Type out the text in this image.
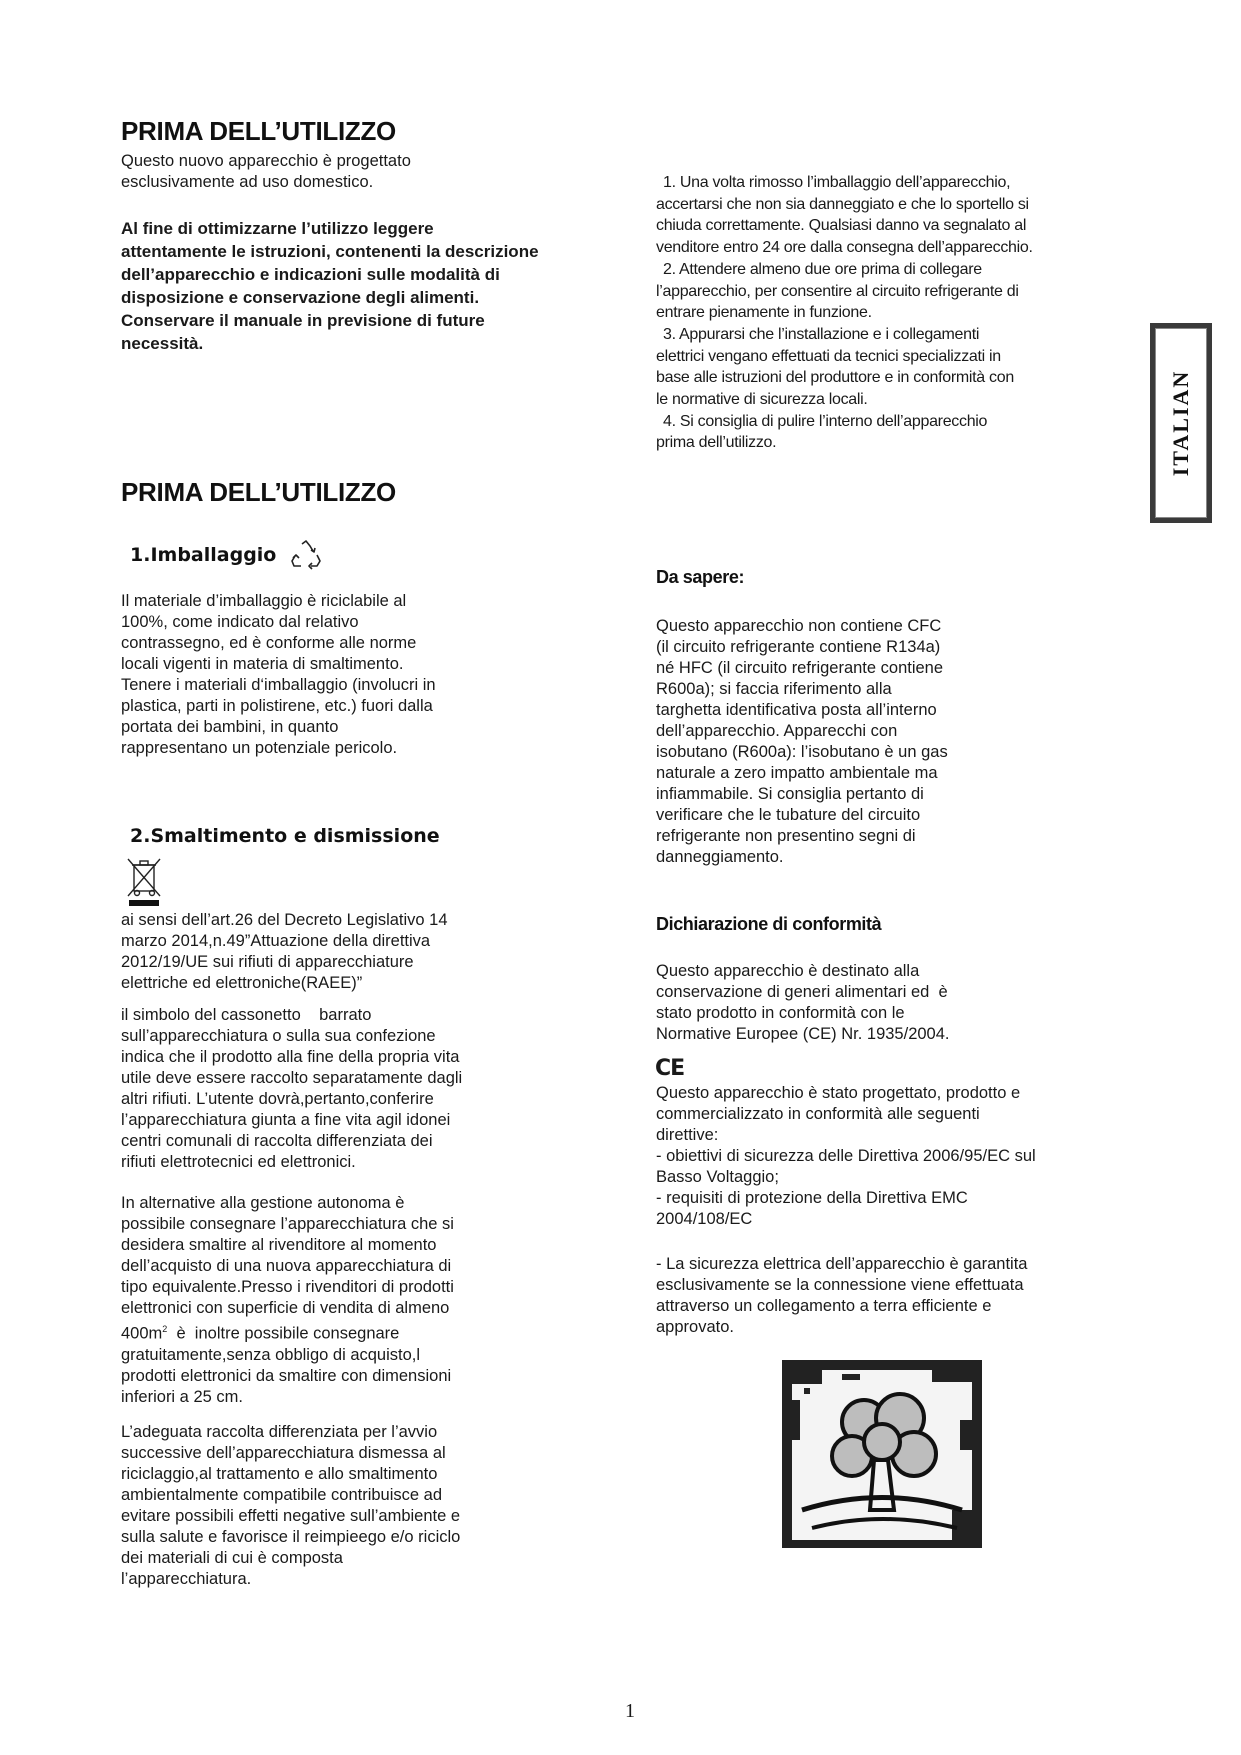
PRIMA DELL’UTILIZZO

Questo nuovo apparecchio è progettato

esclusivamente ad uso domestico.

Al fine di ottimizzarne l’utilizzo leggere

attentamente le istruzioni, contenenti la descrizione

dell’apparecchio e indicazioni sulle modalità di

disposizione e conservazione degli alimenti.

Conservare il manuale in previsione di future

necessità.

1. Una volta rimosso l’imballaggio dell’apparecchio,

accertarsi che non sia danneggiato e che lo sportello si

chiuda correttamente. Qualsiasi danno va segnalato al

venditore entro 24 ore dalla consegna dell’apparecchio.

2. Attendere almeno due ore prima di collegare

l’apparecchio, per consentire al circuito refrigerante di

entrare pienamente in funzione.

3. Appurarsi che l’installazione e i collegamenti

elettrici vengano effettuati da tecnici specializzati in

base alle istruzioni del produttore e in conformità con

le normative di sicurezza locali.

4. Si consiglia di pulire l’interno dell’apparecchio

prima dell’utilizzo.	ITALIAN
PRIMA DELL’UTILIZZO
1.Imballaggio

Il materiale d’imballaggio è riciclabile al

100%, come indicato dal relativo

contrassegno, ed è conforme alle norme

locali vigenti in materia di smaltimento.

Tenere i materiali d‘imballaggio (involucri in

plastica, parti in polistirene, etc.) fuori dalla

portata dei bambini, in quanto

rappresentano un potenziale pericolo.

2.Smaltimento e dismissione

ai sensi dell’art.26 del Decreto Legislativo 14

marzo 2014,n.49”Attuazione della direttiva

2012/19/UE sui rifiuti di apparecchiature

elettriche ed elettroniche(RAEE)”

il simbolo del cassonetto    barrato

sull’apparecchiatura o sulla sua confezione

indica che il prodotto alla fine della propria vita

utile deve essere raccolto separatamente dagli

altri rifiuti. L’utente dovrà,pertanto,conferire

l’apparecchiatura giunta a fine vita agil idonei

centri comunali di raccolta differenziata dei

rifiuti elettrotecnici ed elettronici.

In alternative alla gestione autonoma è

possibile consegnare l’apparecchiatura che si

desidera smaltire al rivenditore al momento

dell’acquisto di una nuova apparecchiatura di

tipo equivalente.Presso i rivenditori di prodotti

elettronici con superficie di vendita di almeno

$400m^2$  è  inoltre possibile consegnare

gratuitamente,senza obbligo di acquisto,l

prodotti elettronici da smaltire con dimensioni

inferiori a 25 cm.

L’adeguata raccolta differenziata per l’avvio

successive dell’apparecchiatura dismessa al

riciclaggio,al trattamento e allo smaltimento

ambientalmente compatibile contribuisce ad

evitare possibili effetti negative sull’ambiente e

sulla salute e favorisce il reimpieego e/o riciclo

dei materiali di cui è composta

l’apparecchiatura.

Da sapere:

Questo apparecchio non contiene CFC

(il circuito refrigerante contiene R134a)

né HFC (il circuito refrigerante contiene

R600a); si faccia riferimento alla

targhetta identificativa posta all’interno

dell’apparecchio. Apparecchi con

isobutano (R600a): l’isobutano è un gas

naturale a zero impatto ambientale ma

infiammabile. Si consiglia pertanto di

verificare che le tubature del circuito

refrigerante non presentino segni di

danneggiamento.

Dichiarazione di conformità

Questo apparecchio è destinato alla

conservazione di generi alimentari ed  è

stato prodotto in conformità con le

Normative Europee (CE) Nr. 1935/2004.

CE

Questo apparecchio è stato progettato, prodotto e

commercializzato in conformità alle seguenti

direttive:

- obiettivi di sicurezza delle Direttiva 2006/95/EC sul

Basso Voltaggio;

- requisiti di protezione della Direttiva EMC

2004/108/EC

- La sicurezza elettrica dell’apparecchio è garantita

esclusivamente se la connessione viene effettuata

attraverso un collegamento a terra efficiente e

approvato.

1
